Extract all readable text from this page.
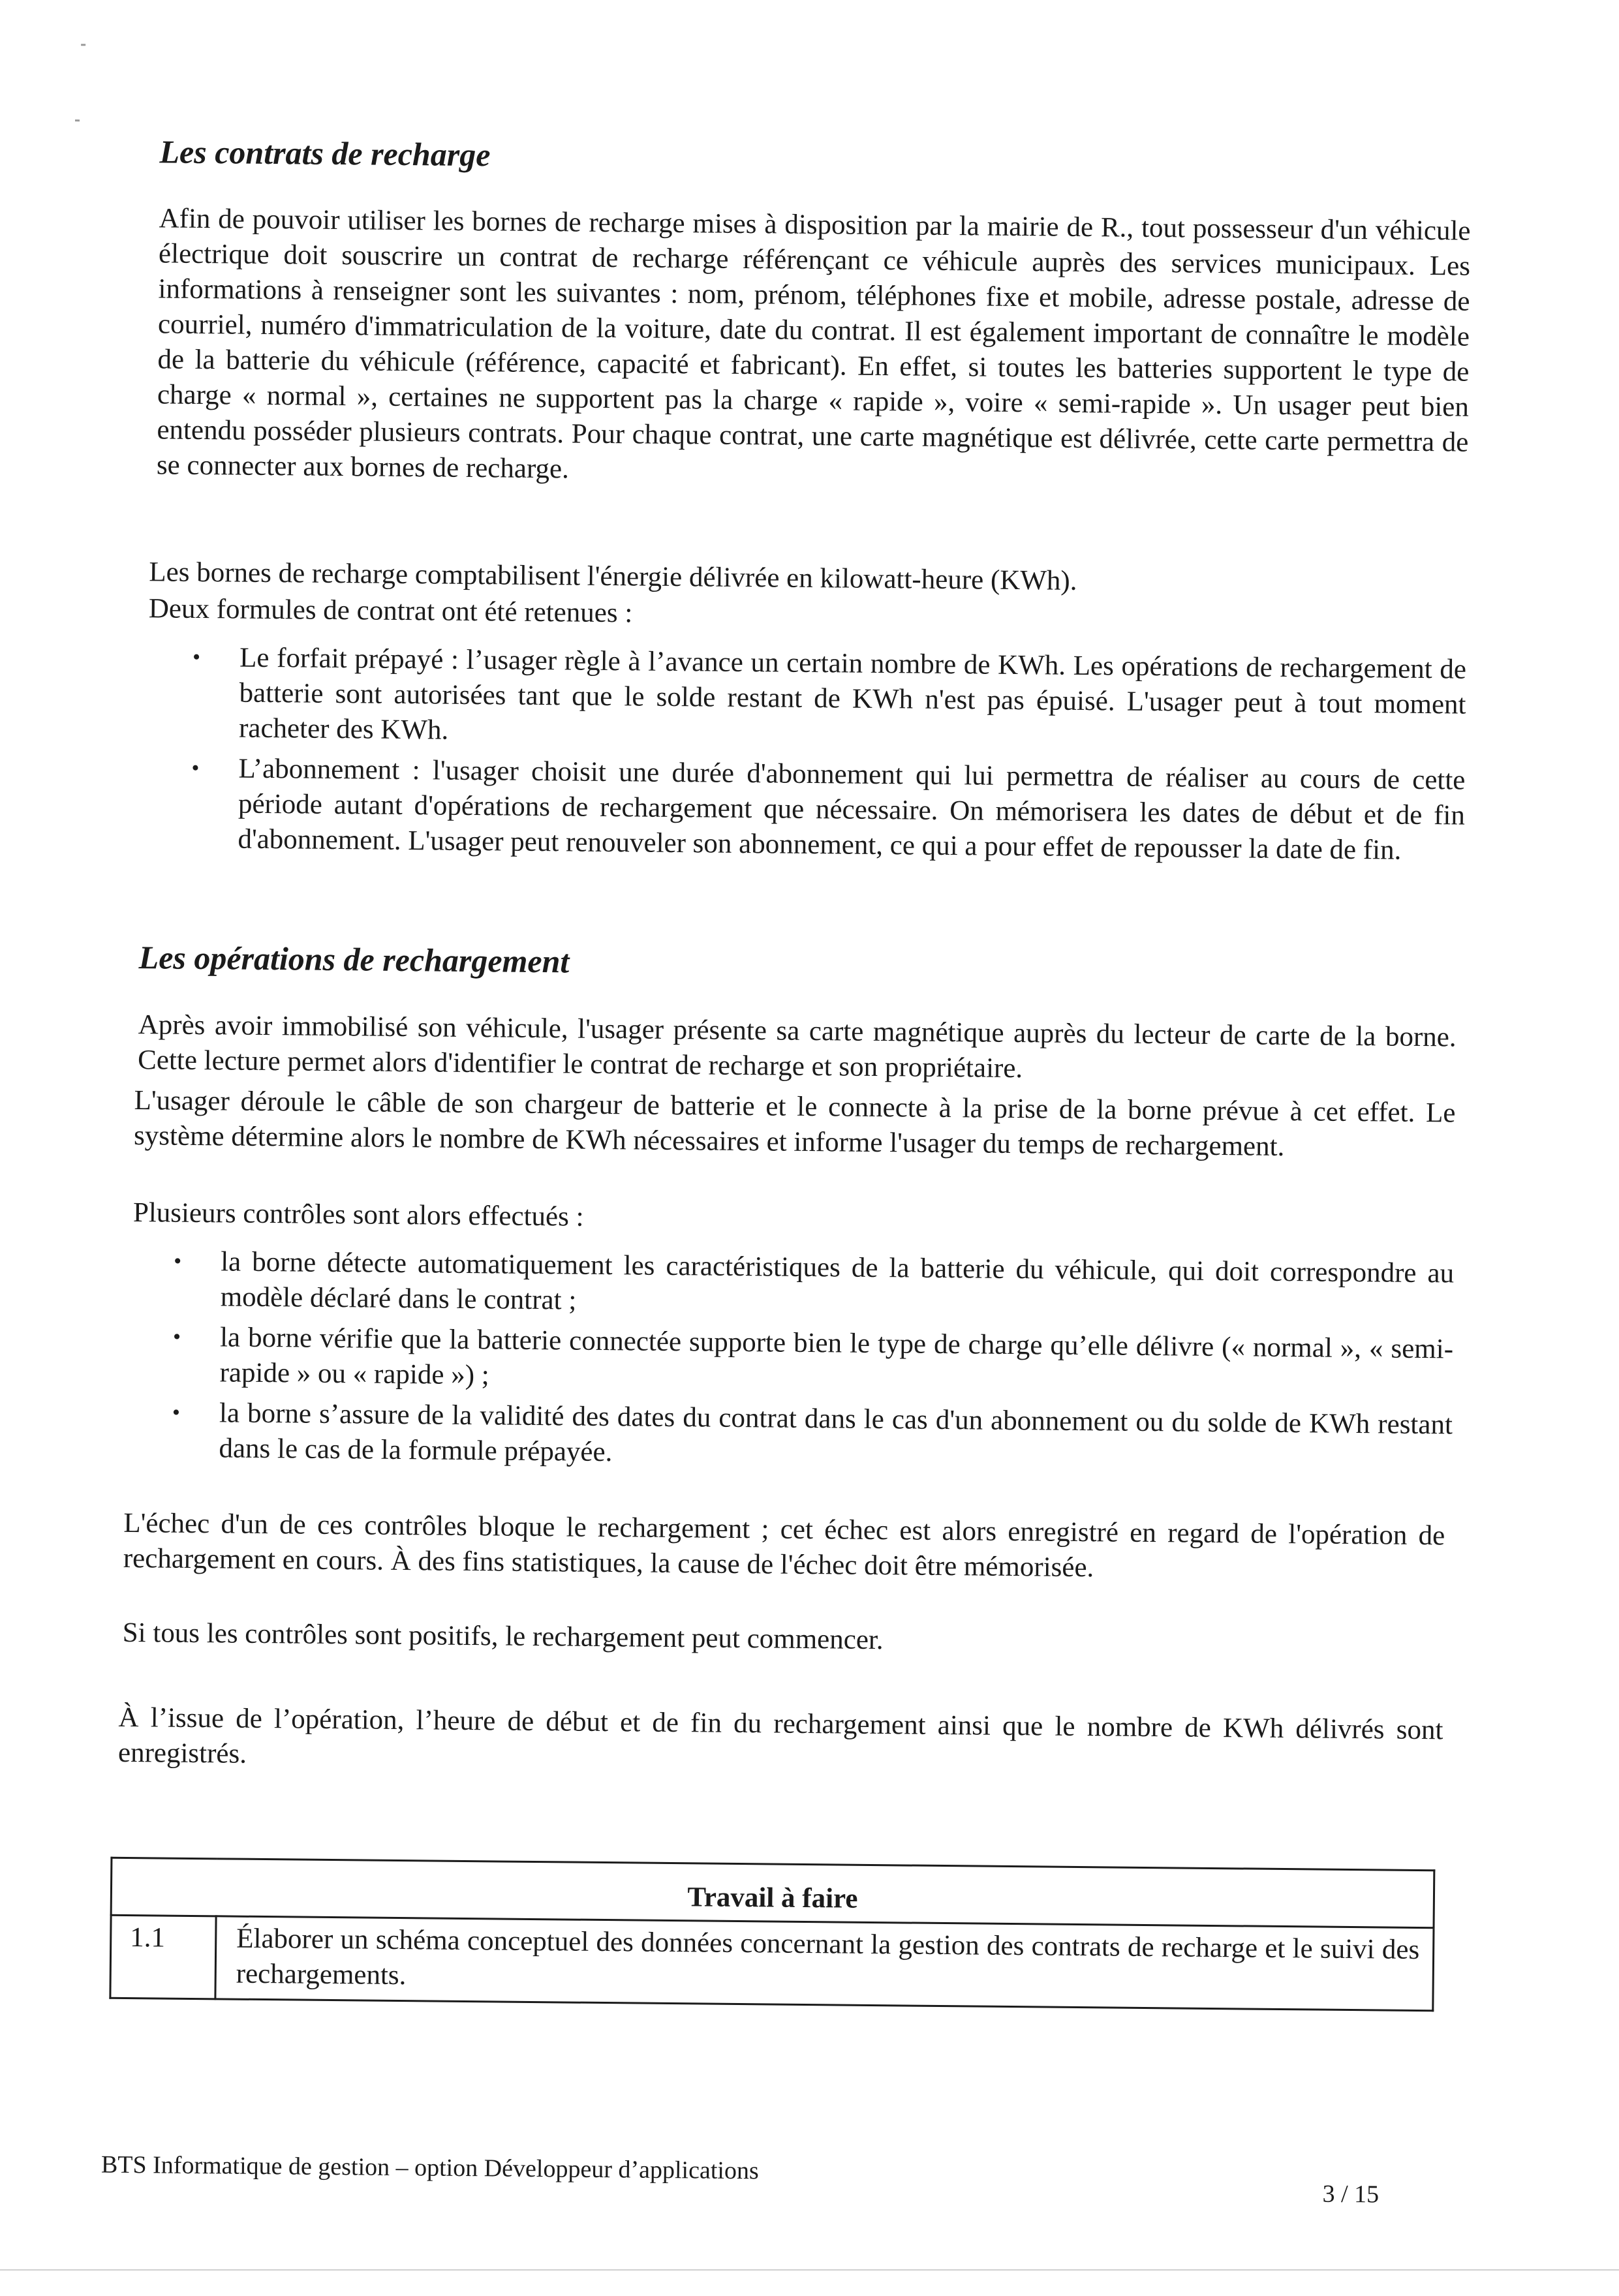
Les contrats de recharge

Afin de pouvoir utiliser les bornes de recharge mises à disposition par la mairie de R., tout possesseur d'un véhicule électrique doit souscrire un contrat de recharge référençant ce véhicule auprès des services municipaux. Les informations à renseigner sont les suivantes : nom, prénom, téléphones fixe et mobile, adresse postale, adresse de courriel, numéro d'immatriculation de la voiture, date du contrat. Il est également important de connaître le modèle de la batterie du véhicule (référence, capacité et fabricant). En effet, si toutes les batteries supportent le type de charge « normal », certaines ne supportent pas la charge « rapide », voire « semi-rapide ». Un usager peut bien entendu posséder plusieurs contrats. Pour chaque contrat, une carte magnétique est délivrée, cette carte permettra de se connecter aux bornes de recharge.

Les bornes de recharge comptabilisent l'énergie délivrée en kilowatt-heure (KWh).

Deux formules de contrat ont été retenues :

• Le forfait prépayé : l’usager règle à l’avance un certain nombre de KWh. Les opérations de rechargement de batterie sont autorisées tant que le solde restant de KWh n'est pas épuisé. L'usager peut à tout moment racheter des KWh.
• L’abonnement : l'usager choisit une durée d'abonnement qui lui permettra de réaliser au cours de cette période autant d'opérations de rechargement que nécessaire. On mémorisera les dates de début et de fin d'abonnement. L'usager peut renouveler son abonnement, ce qui a pour effet de repousser la date de fin.
Les opérations de rechargement

Après avoir immobilisé son véhicule, l'usager présente sa carte magnétique auprès du lecteur de carte de la borne. Cette lecture permet alors d'identifier le contrat de recharge et son propriétaire.

L'usager déroule le câble de son chargeur de batterie et le connecte à la prise de la borne prévue à cet effet. Le système détermine alors le nombre de KWh nécessaires et informe l'usager du temps de rechargement.

Plusieurs contrôles sont alors effectués :

• la borne détecte automatiquement les caractéristiques de la batterie du véhicule, qui doit correspondre au modèle déclaré dans le contrat ;
• la borne vérifie que la batterie connectée supporte bien le type de charge qu’elle délivre (« normal », « semi-rapide » ou « rapide ») ;
• la borne s’assure de la validité des dates du contrat dans le cas d'un abonnement ou du solde de KWh restant dans le cas de la formule prépayée.

L'échec d'un de ces contrôles bloque le rechargement ; cet échec est alors enregistré en regard de l'opération de rechargement en cours. À des fins statistiques, la cause de l'échec doit être mémorisée.

Si tous les contrôles sont positifs, le rechargement peut commencer.

À l’issue de l’opération, l’heure de début et de fin du rechargement ainsi que le nombre de KWh délivrés sont enregistrés.

Travail à faire
1.1	Élaborer un schéma conceptuel des données concernant la gestion des contrats de recharge et le suivi des rechargements.

BTS Informatique de gestion – option Développeur d’applications

3 / 15
